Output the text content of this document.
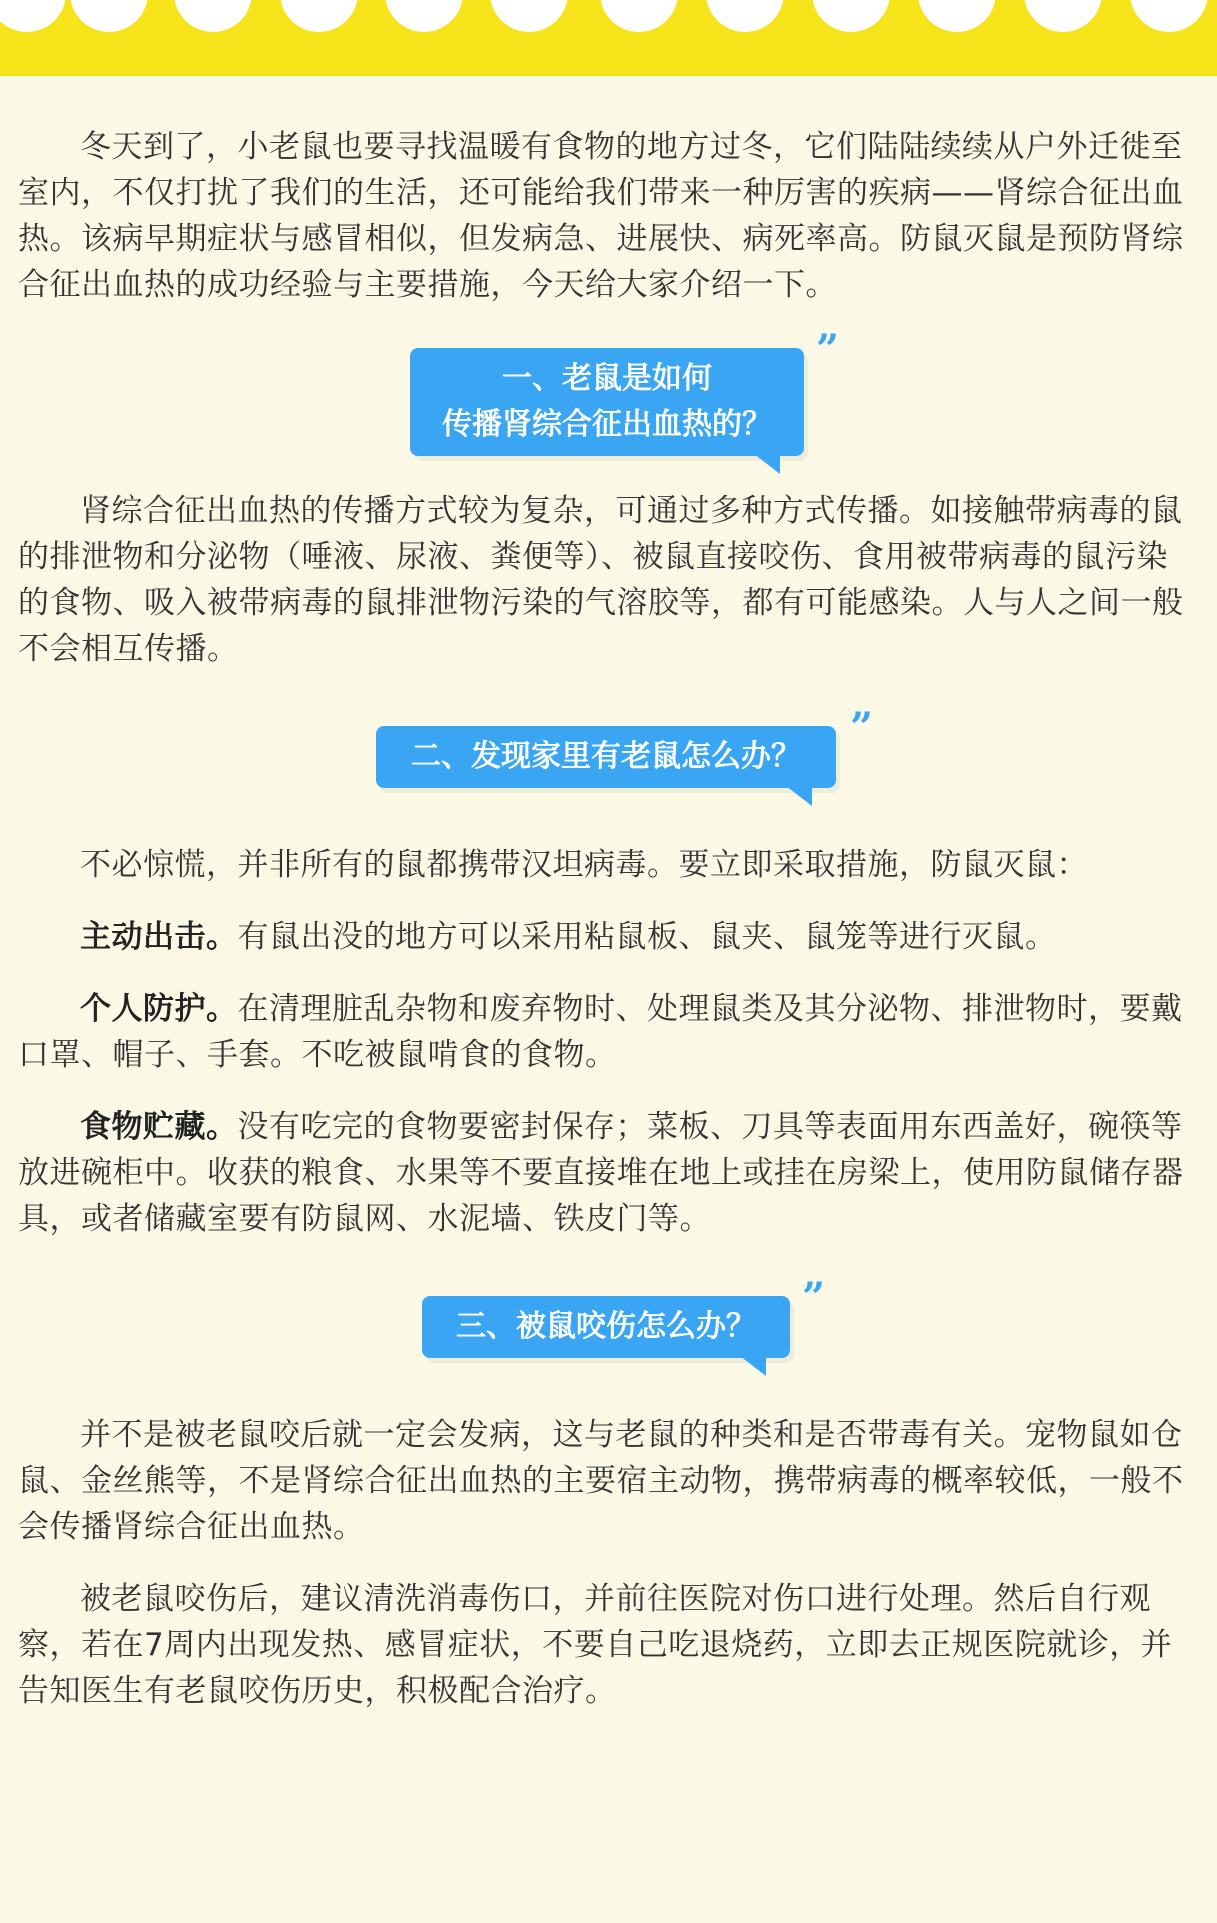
冬天到了，小老鼠也要寻找温暖有食物的地方过冬，它们陆陆续续从户外迁徙至室内，不仅打扰了我们的生活，还可能给我们带来一种厉害的疾病——肾综合征出血热。该病早期症状与感冒相似，但发病急、进展快、病死率高。防鼠灭鼠是预防肾综合征出血热的成功经验与主要措施，今天给大家介绍一下。

一、老鼠是如何
传播肾综合征出血热的？
”

肾综合征出血热的传播方式较为复杂，可通过多种方式传播。如接触带病毒的鼠的排泄物和分泌物（唾液、尿液、粪便等）、被鼠直接咬伤、食用被带病毒的鼠污染的食物、吸入被带病毒的鼠排泄物污染的气溶胶等，都有可能感染。人与人之间一般不会相互传播。

二、发现家里有老鼠怎么办？
”

不必惊慌，并非所有的鼠都携带汉坦病毒。要立即采取措施，防鼠灭鼠：

主动出击。有鼠出没的地方可以采用粘鼠板、鼠夹、鼠笼等进行灭鼠。

个人防护。在清理脏乱杂物和废弃物时、处理鼠类及其分泌物、排泄物时，要戴口罩、帽子、手套。不吃被鼠啃食的食物。

食物贮藏。没有吃完的食物要密封保存；菜板、刀具等表面用东西盖好，碗筷等放进碗柜中。收获的粮食、水果等不要直接堆在地上或挂在房梁上，使用防鼠储存器具，或者储藏室要有防鼠网、水泥墙、铁皮门等。

三、被鼠咬伤怎么办？
”

并不是被老鼠咬后就一定会发病，这与老鼠的种类和是否带毒有关。宠物鼠如仓鼠、金丝熊等，不是肾综合征出血热的主要宿主动物，携带病毒的概率较低，一般不会传播肾综合征出血热。

被老鼠咬伤后，建议清洗消毒伤口，并前往医院对伤口进行处理。然后自行观察，若在7周内出现发热、感冒症状，不要自己吃退烧药，立即去正规医院就诊，并告知医生有老鼠咬伤历史，积极配合治疗。
